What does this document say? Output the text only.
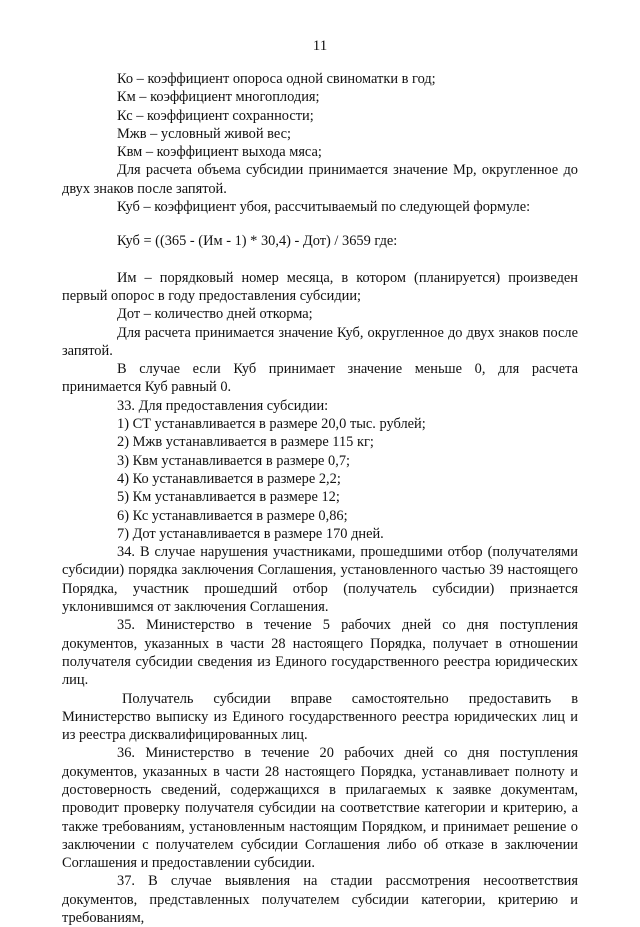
11

Ко – коэффициент опороса одной свиноматки в год;

Км – коэффициент многоплодия;

Кс – коэффициент сохранности;

Мжв – условный живой вес;

Квм – коэффициент выхода мяса;

Для расчета объема субсидии принимается значение Мр, округленное до двух знаков после запятой.

Куб – коэффициент убоя, рассчитываемый по следующей формуле:

Куб = ((365 - (Им - 1) * 30,4) - Дот) / 3659 где:

Им – порядковый номер месяца, в котором (планируется) произведен первый опорос в году предоставления субсидии;

Дот – количество дней откорма;

Для расчета принимается значение Куб, округленное до двух знаков после запятой.

В случае если Куб принимает значение меньше 0, для расчета принимается Куб равный 0.

33. Для предоставления субсидии:

1) СТ устанавливается в размере 20,0 тыс. рублей;

2) Мжв устанавливается в размере 115 кг;

3) Квм устанавливается в размере 0,7;

4) Ко устанавливается в размере 2,2;

5) Км устанавливается в размере 12;

6) Кс устанавливается в размере 0,86;

7) Дот устанавливается в размере 170 дней.

34. В случае нарушения участниками, прошедшими отбор (получателями субсидии) порядка заключения Соглашения, установленного частью 39 настоящего Порядка, участник прошедший отбор (получатель субсидии) признается уклонившимся от заключения Соглашения.

35. Министерство в течение 5 рабочих дней со дня поступления документов, указанных в части 28 настоящего Порядка, получает в отношении получателя субсидии сведения из Единого государственного реестра юридических лиц.

Получатель субсидии вправе самостоятельно предоставить в Министерство выписку из Единого государственного реестра юридических лиц и из реестра дисквалифицированных лиц.

36. Министерство в течение 20 рабочих дней со дня поступления документов, указанных в части 28 настоящего Порядка, устанавливает полноту и достоверность сведений, содержащихся в прилагаемых к заявке документам, проводит проверку получателя субсидии на соответствие категории и критерию, а также требованиям, установленным настоящим Порядком, и принимает решение о заключении с получателем субсидии Соглашения либо об отказе в заключении Соглашения и предоставлении субсидии.

37. В случае выявления на стадии рассмотрения несоответствия документов, представленных получателем субсидии категории, критерию и требованиям,
